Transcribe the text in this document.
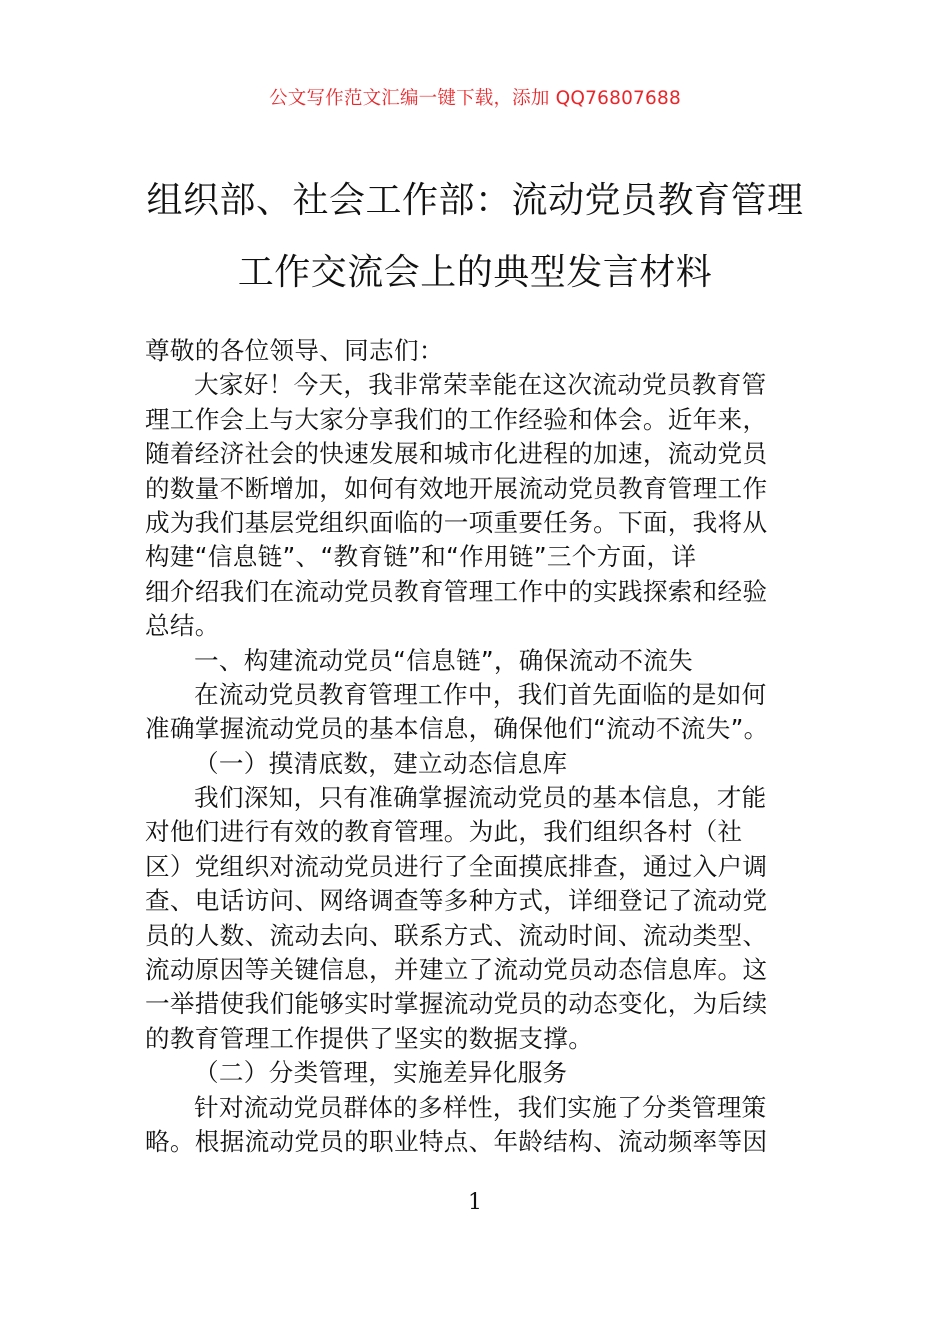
公文写作范文汇编一键下载，添加 QQ76807688
组织部、社会工作部：流动党员教育管理
工作交流会上的典型发言材料
尊敬的各位领导、同志们：
大家好！今天，我非常荣幸能在这次流动党员教育管
理工作会上与大家分享我们的工作经验和体会。近年来，
随着经济社会的快速发展和城市化进程的加速，流动党员
的数量不断增加，如何有效地开展流动党员教育管理工作
成为我们基层党组织面临的一项重要任务。下面，我将从
构建“信息链”、“教育链”和“作用链”三个方面，详
细介绍我们在流动党员教育管理工作中的实践探索和经验
总结。
一、构建流动党员“信息链”，确保流动不流失
在流动党员教育管理工作中，我们首先面临的是如何
准确掌握流动党员的基本信息，确保他们“流动不流失”。
（一）摸清底数，建立动态信息库
我们深知，只有准确掌握流动党员的基本信息，才能
对他们进行有效的教育管理。为此，我们组织各村（社
区）党组织对流动党员进行了全面摸底排查，通过入户调
查、电话访问、网络调查等多种方式，详细登记了流动党
员的人数、流动去向、联系方式、流动时间、流动类型、
流动原因等关键信息，并建立了流动党员动态信息库。这
一举措使我们能够实时掌握流动党员的动态变化，为后续
的教育管理工作提供了坚实的数据支撑。
（二）分类管理，实施差异化服务
针对流动党员群体的多样性，我们实施了分类管理策
略。根据流动党员的职业特点、年龄结构、流动频率等因
1
